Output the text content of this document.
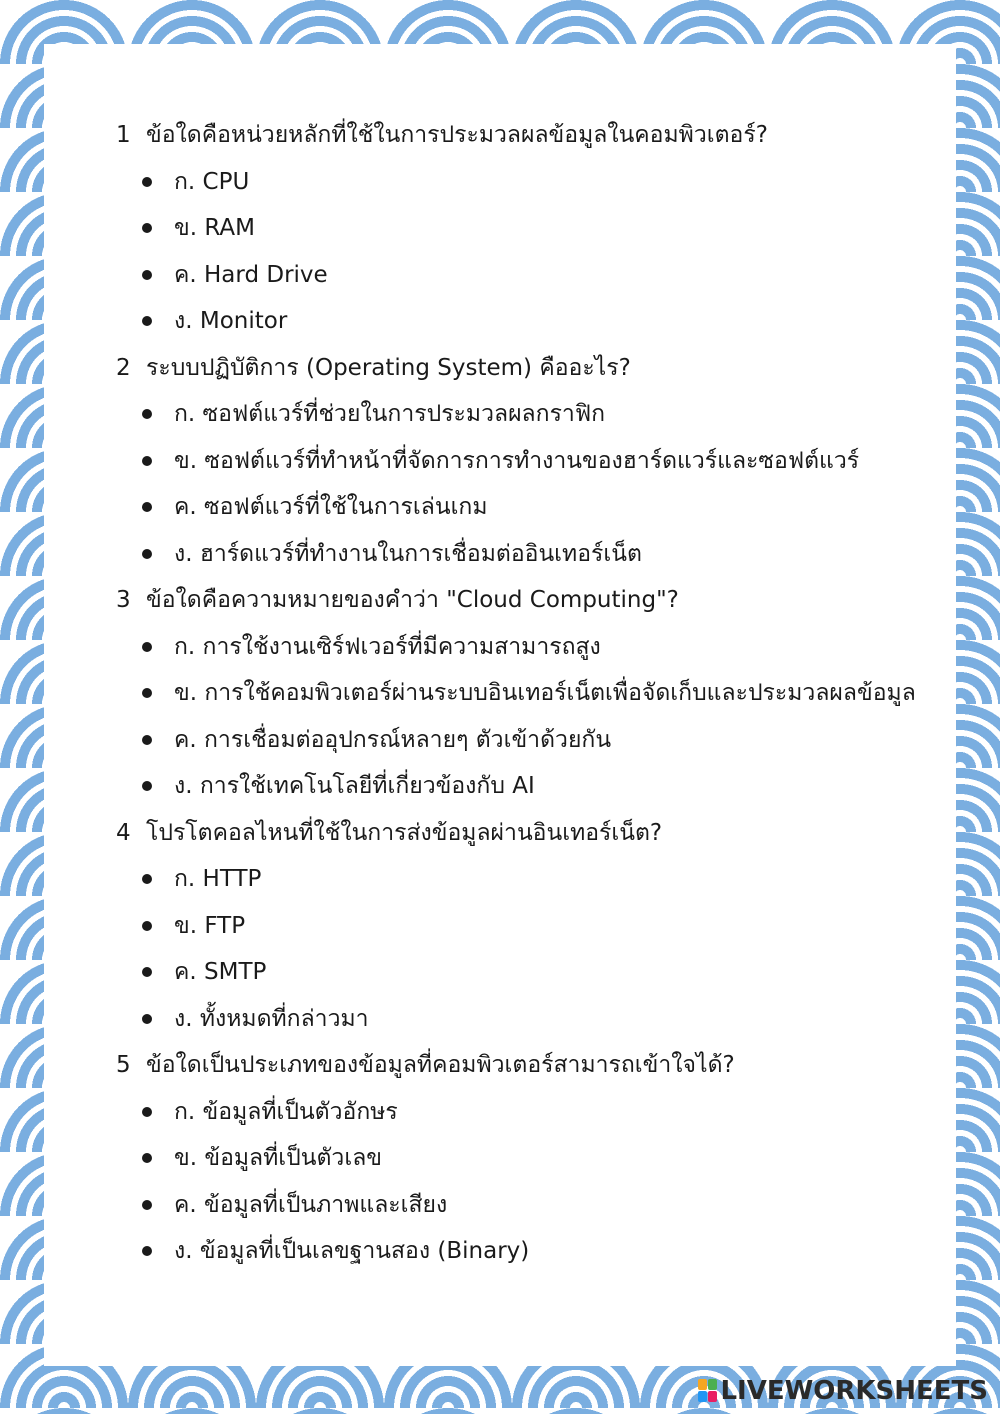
1 ข้อใดคือหน่วยหลักที่ใช้ในการประมวลผลข้อมูลในคอมพิวเตอร์?
ก. CPU
ข. RAM
ค. Hard Drive
ง. Monitor
2 ระบบปฏิบัติการ (Operating System) คืออะไร?
ก. ซอฟต์แวร์ที่ช่วยในการประมวลผลกราฟิก
ข. ซอฟต์แวร์ที่ทำหน้าที่จัดการการทำงานของฮาร์ดแวร์และซอฟต์แวร์
ค. ซอฟต์แวร์ที่ใช้ในการเล่นเกม
ง. ฮาร์ดแวร์ที่ทำงานในการเชื่อมต่ออินเทอร์เน็ต
3 ข้อใดคือความหมายของคำว่า "Cloud Computing"?
ก. การใช้งานเซิร์ฟเวอร์ที่มีความสามารถสูง
ข. การใช้คอมพิวเตอร์ผ่านระบบอินเทอร์เน็ตเพื่อจัดเก็บและประมวลผลข้อมูล
ค. การเชื่อมต่ออุปกรณ์หลายๆ ตัวเข้าด้วยกัน
ง. การใช้เทคโนโลยีที่เกี่ยวข้องกับ AI
4 โปรโตคอลไหนที่ใช้ในการส่งข้อมูลผ่านอินเทอร์เน็ต?
ก. HTTP
ข. FTP
ค. SMTP
ง. ทั้งหมดที่กล่าวมา
5 ข้อใดเป็นประเภทของข้อมูลที่คอมพิวเตอร์สามารถเข้าใจได้?
ก. ข้อมูลที่เป็นตัวอักษร
ข. ข้อมูลที่เป็นตัวเลข
ค. ข้อมูลที่เป็นภาพและเสียง
ง. ข้อมูลที่เป็นเลขฐานสอง (Binary)
LIVEWORKSHEETS
